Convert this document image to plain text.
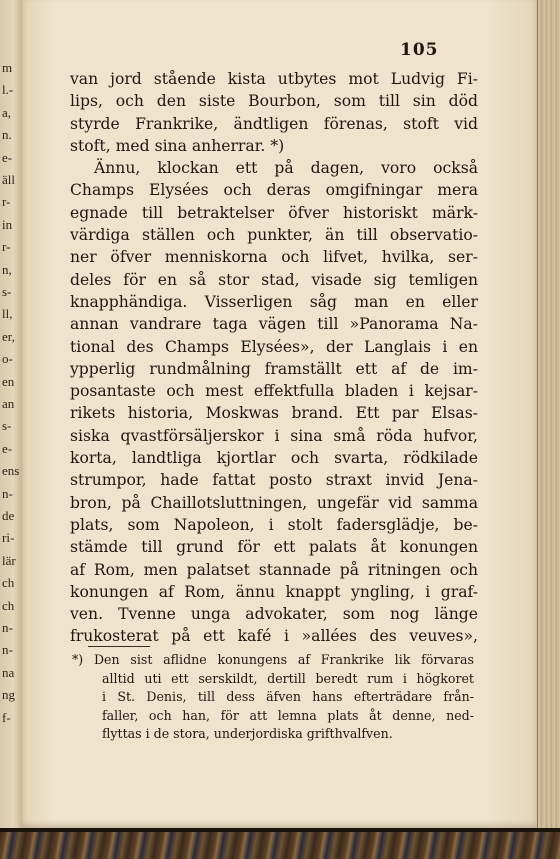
m
l.-
a,
n.
e-
äll
r-
in
r-
n,
s-
ll,
er,
o-
en
an
s-
e-
ens
n-
de
ri-
lär
ch
ch
n-
n-
na
ng
f-
105
van jord stående kista utbytes mot Ludvig Fi-
lips, och den siste Bourbon, som till sin död
styrde Frankrike, ändtligen förenas, stoft vid
stoft, med sina anherrar. *)
Ännu, klockan ett på dagen, voro också
Champs Elysées och deras omgifningar mera
egnade till betraktelser öfver historiskt märk-
värdiga ställen och punkter, än till observatio-
ner öfver menniskorna och lifvet, hvilka, ser-
deles för en så stor stad, visade sig temligen
knapphändiga. Visserligen såg man en eller
annan vandrare taga vägen till »Panorama Na-
tional des Champs Elysées», der Langlais i en
ypperlig rundmålning framställt ett af de im-
posantaste och mest effektfulla bladen i kejsar-
rikets historia, Moskwas brand. Ett par Elsas-
siska qvastförsäljerskor i sina små röda hufvor,
korta, landtliga kjortlar och svarta, rödkilade
strumpor, hade fattat posto straxt invid Jena-
bron, på Chaillotsluttningen, ungefär vid samma
plats, som Napoleon, i stolt fadersglädje, be-
stämde till grund för ett palats åt konungen
af Rom, men palatset stannade på ritningen och
konungen af Rom, ännu knappt yngling, i graf-
ven. Tvenne unga advokater, som nog länge
frukosterat på ett kafé i »allées des veuves»,
*) Den sist aflidne konungens af Frankrike lik förvaras
alltid uti ett serskildt, dertill beredt rum i högkoret
i St. Denis, till dess äfven hans efterträdare från-
faller, och han, för att lemna plats åt denne, ned-
flyttas i de stora, underjordiska grifthvalfven.
